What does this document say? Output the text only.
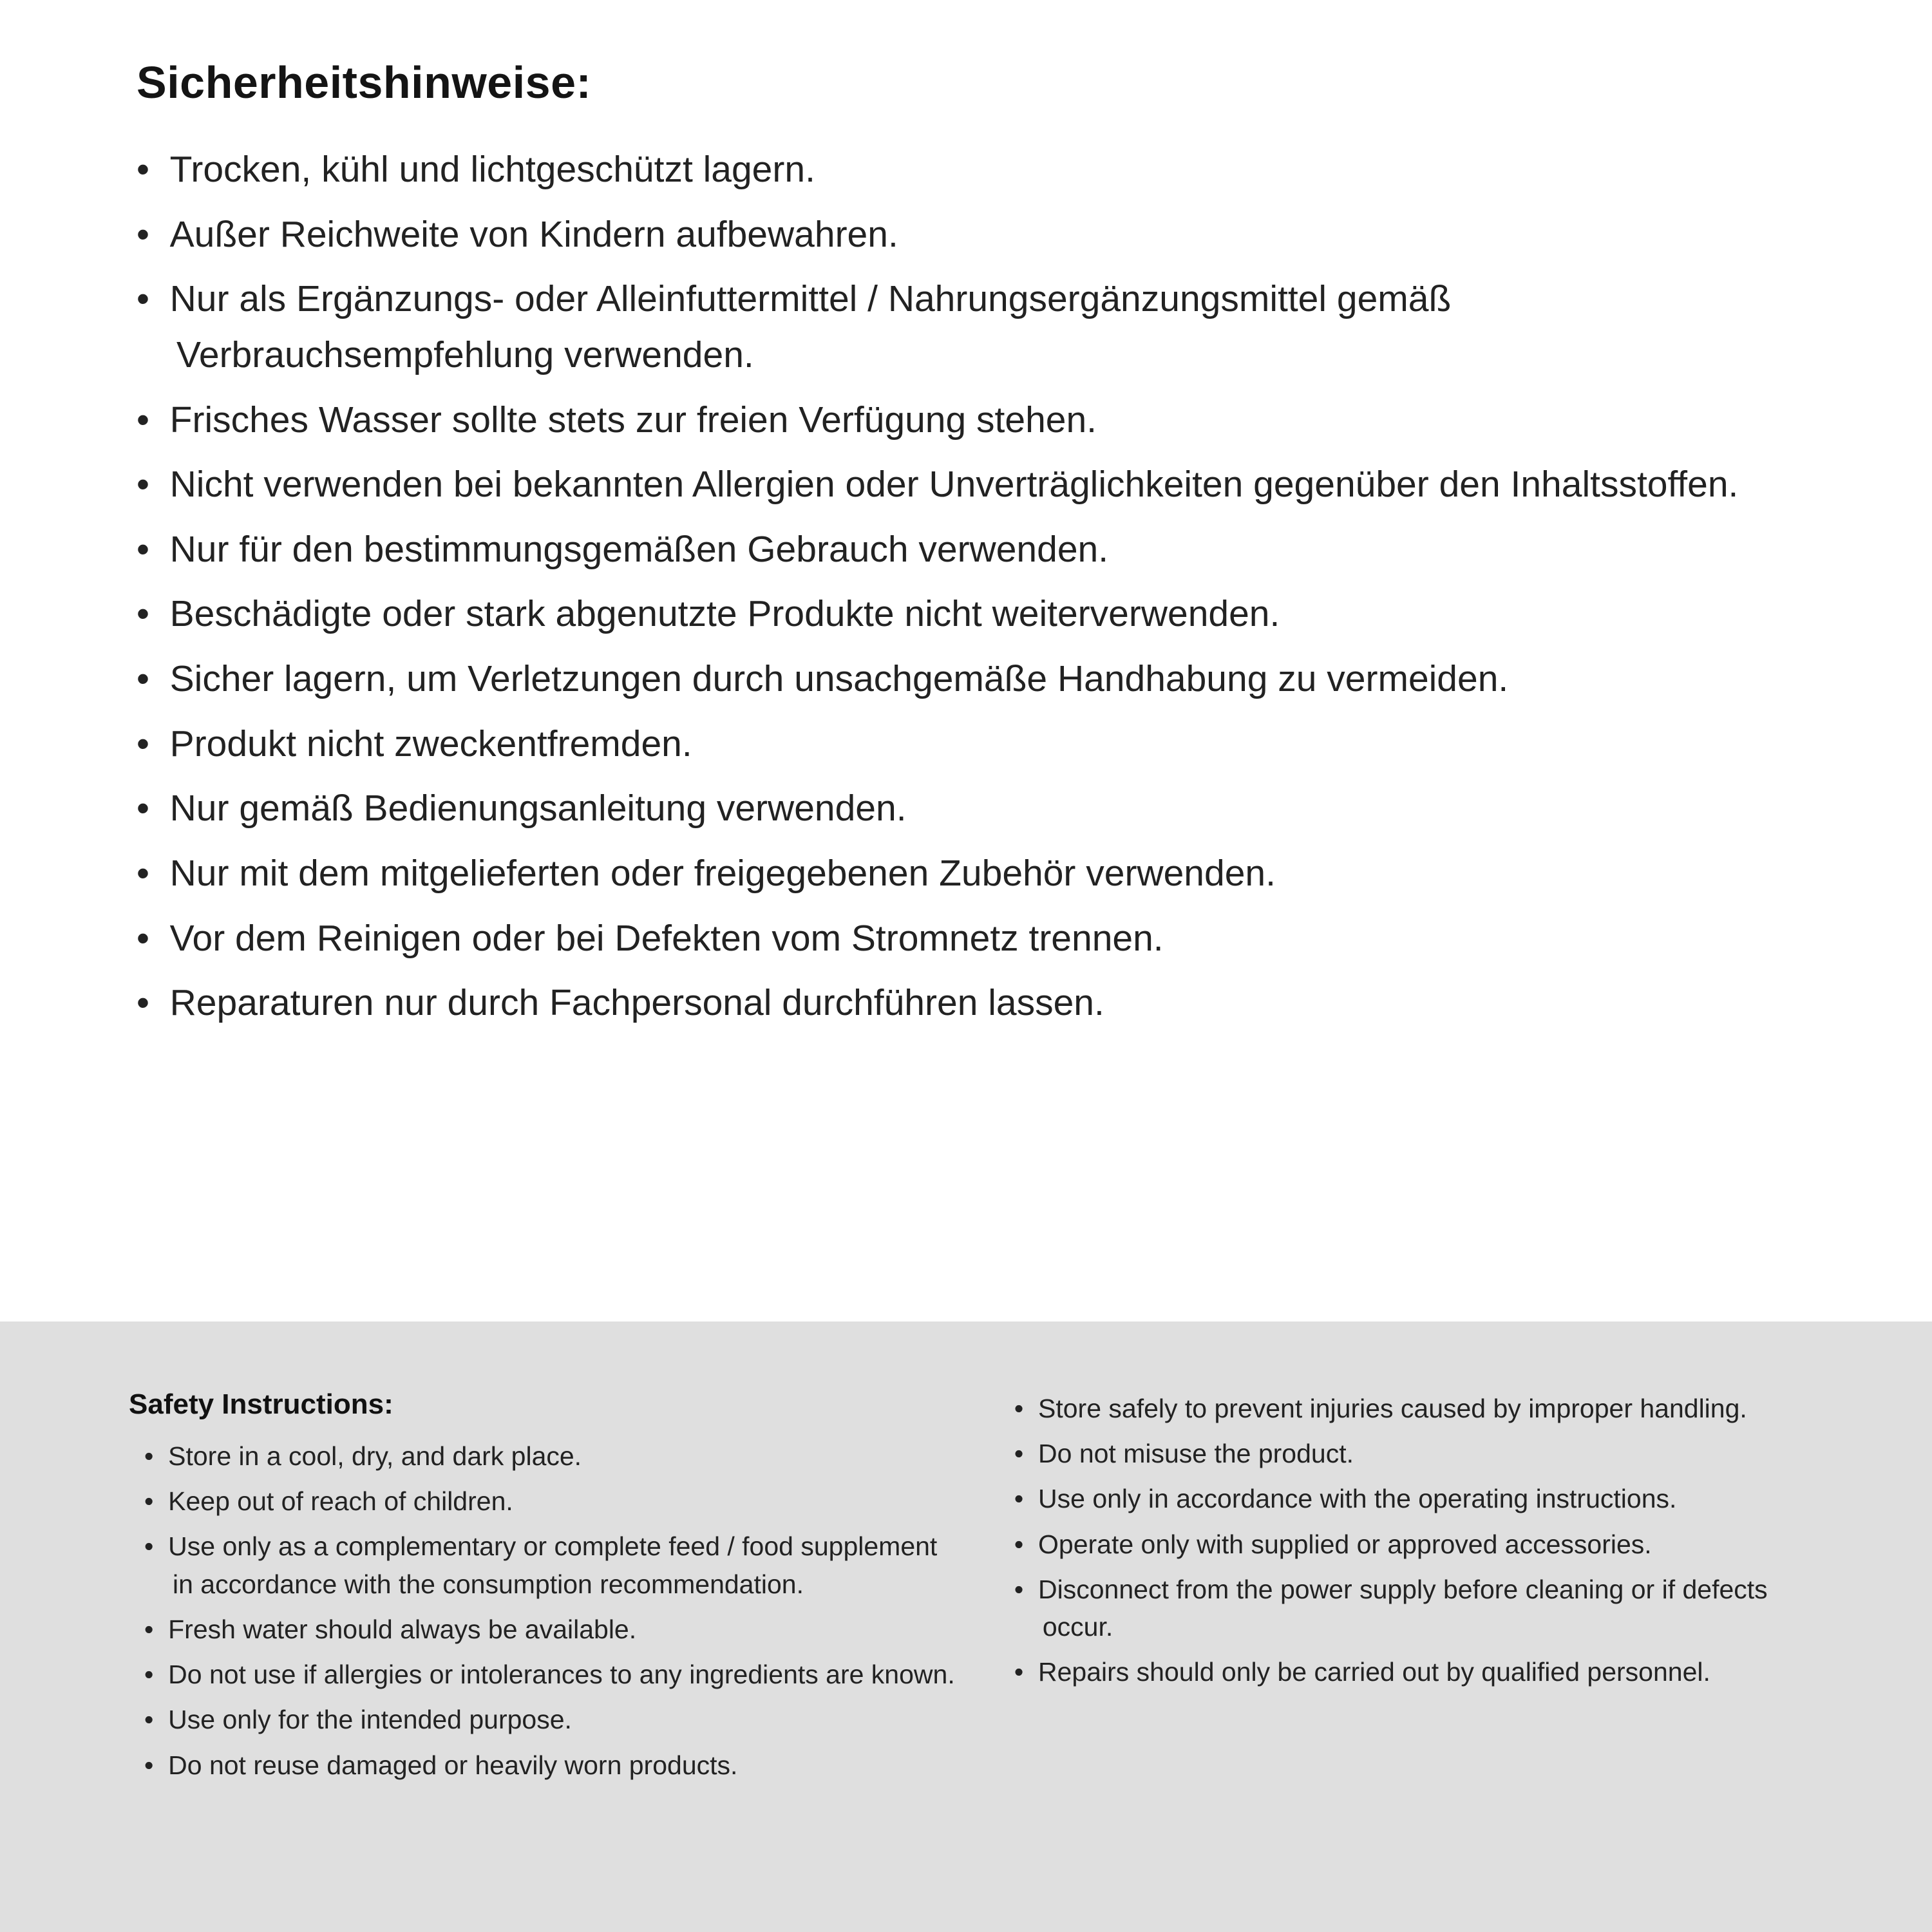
Sicherheitshinweise:
•  Trocken, kühl und lichtgeschützt lagern.
•  Außer Reichweite von Kindern aufbewahren.
•  Nur als Ergänzungs- oder Alleinfuttermittel / Nahrungsergänzungsmittel gemäß Verbrauchsempfehlung verwenden.
•  Frisches Wasser sollte stets zur freien Verfügung stehen.
•  Nicht verwenden bei bekannten Allergien oder Unverträglichkeiten gegenüber den Inhaltsstoffen.
•  Nur für den bestimmungsgemäßen Gebrauch verwenden.
•  Beschädigte oder stark abgenutzte Produkte nicht weiterverwenden.
•  Sicher lagern, um Verletzungen durch unsachgemäße Handhabung zu vermeiden.
•  Produkt nicht zweckentfremden.
•  Nur gemäß Bedienungsanleitung verwenden.
•  Nur mit dem mitgelieferten oder freigegebenen Zubehör verwenden.
•  Vor dem Reinigen oder bei Defekten vom Stromnetz trennen.
•  Reparaturen nur durch Fachpersonal durchführen lassen.
Safety Instructions:
•  Store in a cool, dry, and dark place.
•  Keep out of reach of children.
•  Use only as a complementary or complete feed / food supplement in accordance with the consumption recommendation.
•  Fresh water should always be available.
•  Do not use if allergies or intolerances to any ingredients are known.
•  Use only for the intended purpose.
•  Do not reuse damaged or heavily worn products.
•  Store safely to prevent injuries caused by improper handling.
•  Do not misuse the product.
•  Use only in accordance with the operating instructions.
•  Operate only with supplied or approved accessories.
•  Disconnect from the power supply before cleaning or if defects occur.
•  Repairs should only be carried out by qualified personnel.
